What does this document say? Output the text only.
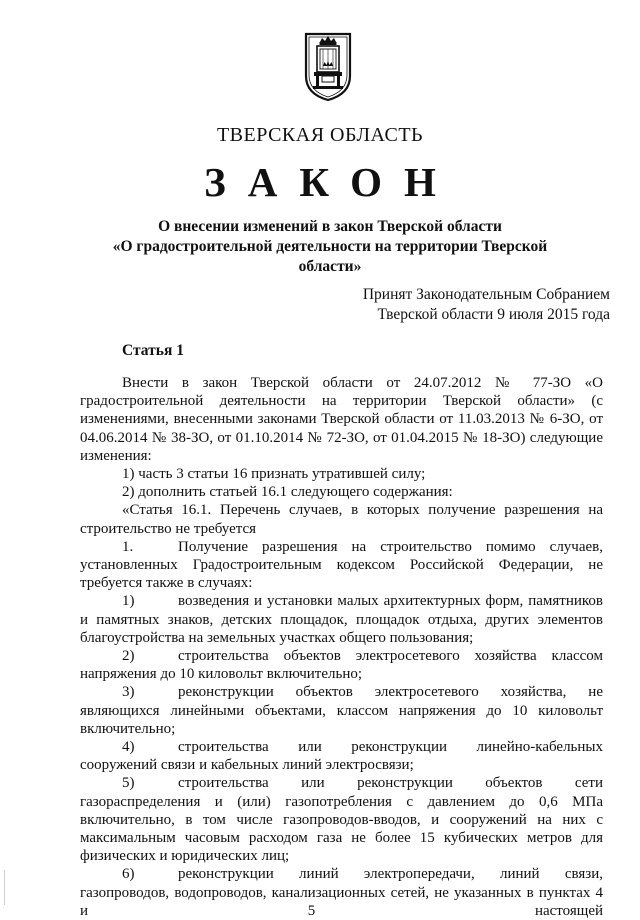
ТВЕРСКАЯ ОБЛАСТЬ
ЗАКОН
О внесении изменений в закон Тверской области
«О градостроительной деятельности на территории Тверской
области»
Принят Законодательным Собранием
Тверской области 9 июля 2015 года
Статья 1

Внести в закон Тверской области от 24.07.2012 № 77-ЗО «О градостроительной деятельности на территории Тверской области» (с изменениями, внесенными законами Тверской области от 11.03.2013 № 6-ЗО, от 04.06.2014 № 38-ЗО, от 01.10.2014 № 72-ЗО, от 01.04.2015 № 18-ЗО) следующие изменения:

1) часть 3 статьи 16 признать утратившей силу;

2) дополнить статьей 16.1 следующего содержания:

«Статья 16.1. Перечень случаев, в которых получение разрешения на строительство не требуется

1.	Получение разрешения на строительство помимо случаев, установленных Градостроительным кодексом Российской Федерации, не требуется также в случаях:

1)	возведения и установки малых архитектурных форм, памятников и памятных знаков, детских площадок, площадок отдыха, других элементов благоустройства на земельных участках общего пользования;

2)	строительства объектов электросетевого хозяйства классом напряжения до 10 киловольт включительно;

3)	реконструкции объектов электросетевого хозяйства, не являющихся линейными объектами, классом напряжения до 10 киловольт включительно;

4)	строительства или реконструкции линейно-кабельных сооружений связи и кабельных линий электросвязи;

5)	строительства или реконструкции объектов сети газораспределения и (или) газопотребления с давлением до 0,6 МПа включительно, в том числе газопроводов-вводов, и сооружений на них с максимальным часовым расходом газа не более 15 кубических метров для физических и юридических лиц;

6)	реконструкции линий электропередачи, линий связи, газопроводов, водопроводов, канализационных сетей, не указанных в пунктах 4 и 5 настоящей
